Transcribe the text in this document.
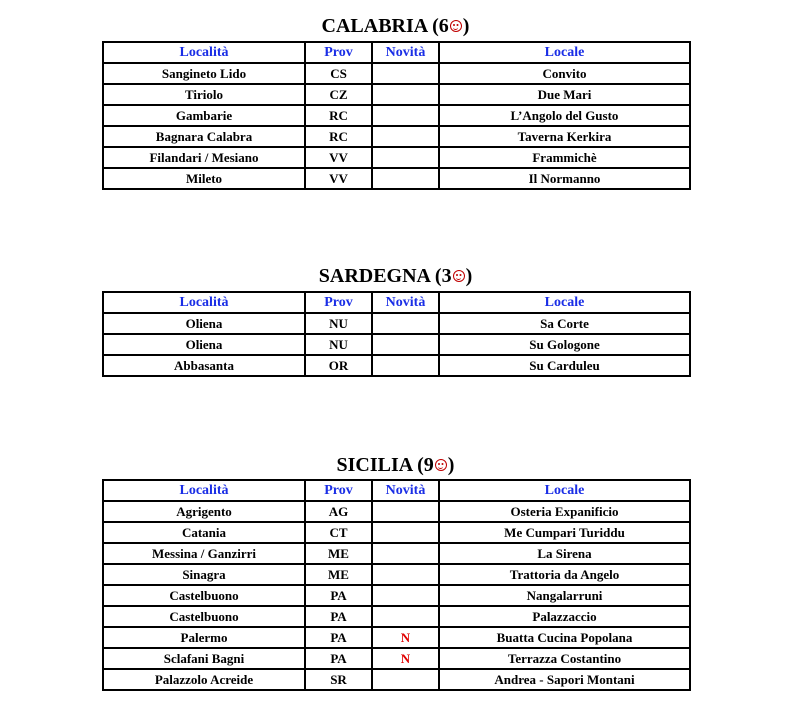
CALABRIA (6 )
Località	Prov	Novità	Locale
Sangineto Lido	CS		Convito
Tiriolo	CZ		Due Mari
Gambarie	RC		L’Angolo del Gusto
Bagnara Calabra	RC		Taverna Kerkira
Filandari / Mesiano	VV		Frammichè
Mileto	VV		Il Normanno
SARDEGNA (3 )
Località	Prov	Novità	Locale
Oliena	NU		Sa Corte
Oliena	NU		Su Gologone
Abbasanta	OR		Su Carduleu
SICILIA (9 )
Località	Prov	Novità	Locale
Agrigento	AG		Osteria Expanificio
Catania	CT		Me Cumpari Turiddu
Messina / Ganzirri	ME		La Sirena
Sinagra	ME		Trattoria da Angelo
Castelbuono	PA		Nangalarruni
Castelbuono	PA		Palazzaccio
Palermo	PA	N	Buatta Cucina Popolana
Sclafani Bagni	PA	N	Terrazza Costantino
Palazzolo Acreide	SR		Andrea - Sapori Montani
